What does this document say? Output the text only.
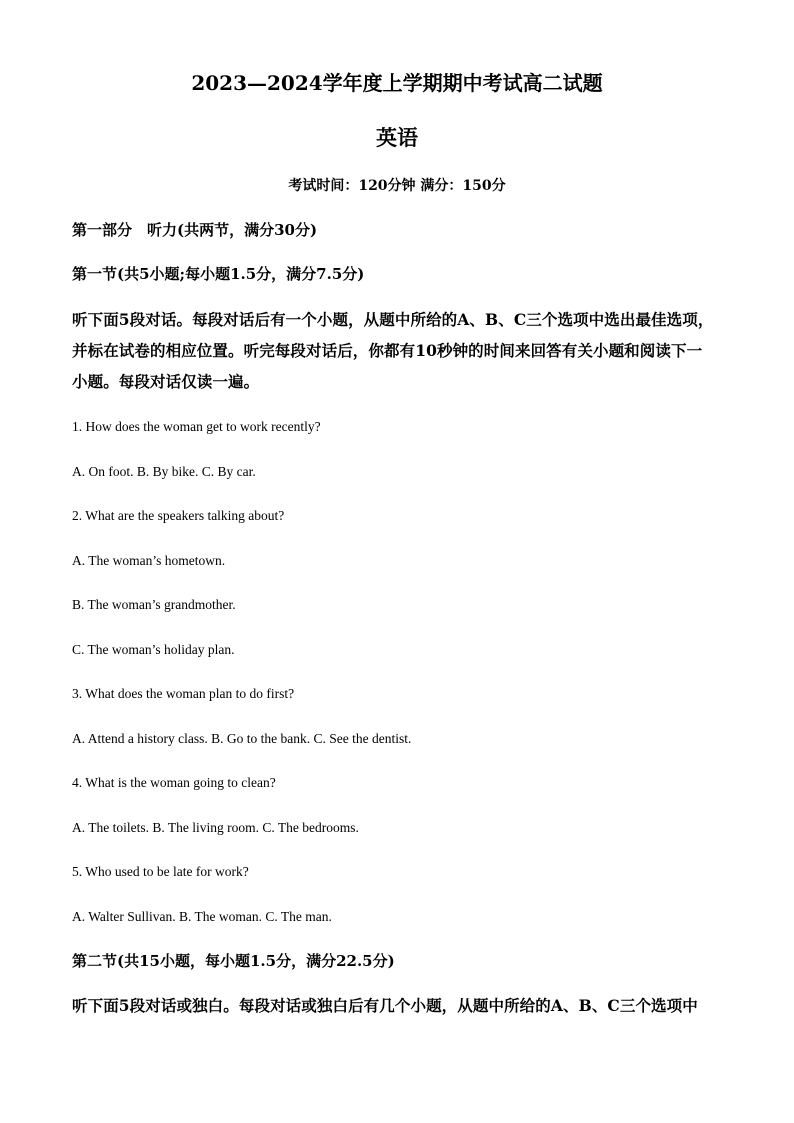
2023—2024学年度上学期期中考试高二试题
英语
考试时间：120分钟 满分：150分
第一部分　听力(共两节，满分30分)
第一节(共5小题;每小题1.5分，满分7.5分)
听下面5段对话。每段对话后有一个小题，从题中所给的A、B、C三个选项中选出最佳选项，
并标在试卷的相应位置。听完每段对话后，你都有10秒钟的时间来回答有关小题和阅读下一
小题。每段对话仅读一遍。
1. How does the woman get to work recently?
A. On foot. B. By bike. C. By car.
2. What are the speakers talking about?
A. The woman’s hometown.
B. The woman’s grandmother.
C. The woman’s holiday plan.
3. What does the woman plan to do first?
A. Attend a history class. B. Go to the bank. C. See the dentist.
4. What is the woman going to clean?
A. The toilets. B. The living room. C. The bedrooms.
5. Who used to be late for work?
A. Walter Sullivan. B. The woman. C. The man.
第二节(共15小题，每小题1.5分，满分22.5分)
听下面5段对话或独白。每段对话或独白后有几个小题，从题中所给的A、B、C三个选项中
